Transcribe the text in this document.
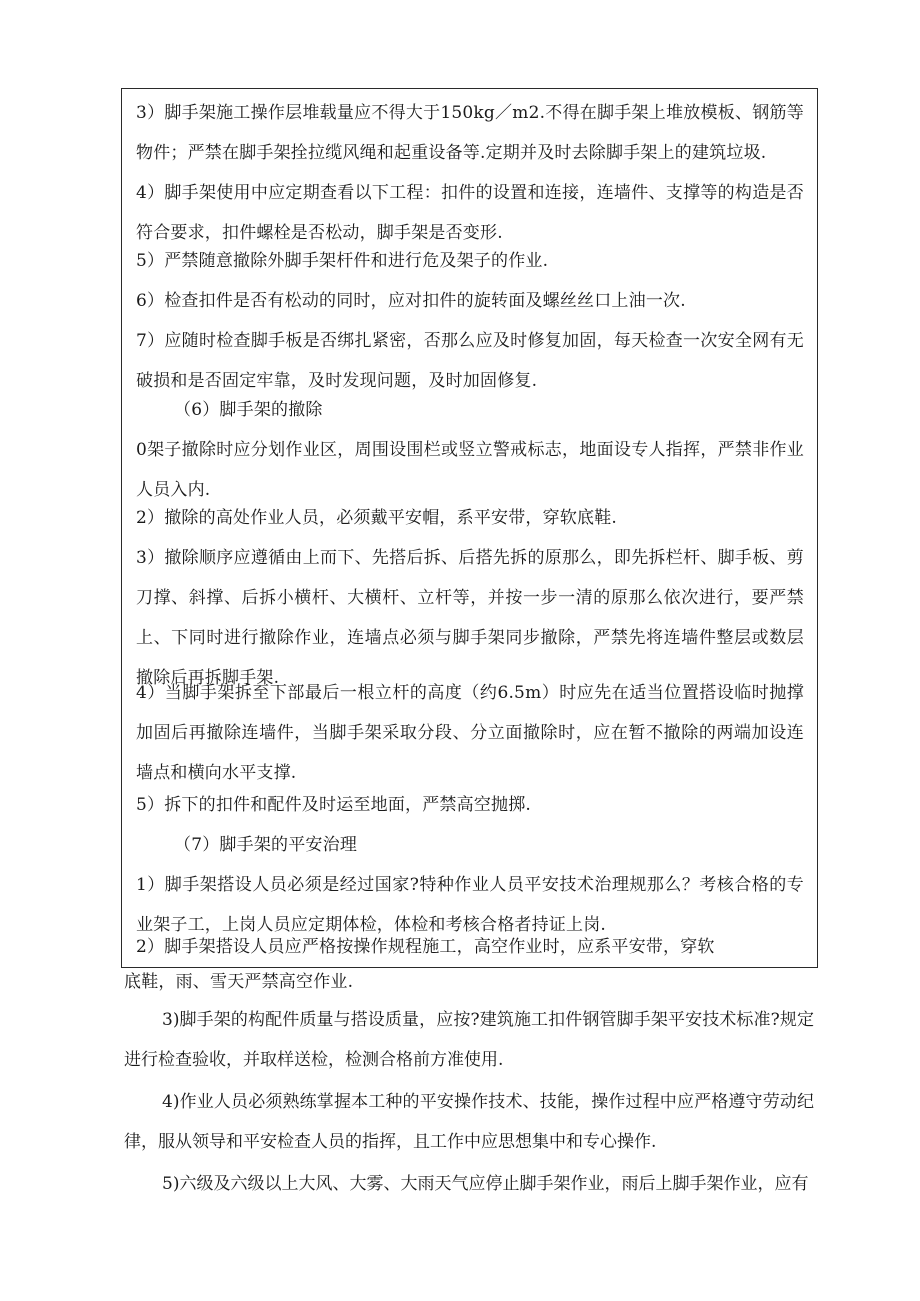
3）脚手架施工操作层堆载量应不得大于150kg／m2.不得在脚手架上堆放模板、钢筋等物件；严禁在脚手架拴拉缆风绳和起重设备等.定期并及时去除脚手架上的建筑垃圾.

4）脚手架使用中应定期查看以下工程：扣件的设置和连接，连墙件、支撑等的构造是否符合要求，扣件螺栓是否松动，脚手架是否变形.

5）严禁随意撤除外脚手架杆件和进行危及架子的作业.

6）检查扣件是否有松动的同时，应对扣件的旋转面及螺丝丝口上油一次.

7）应随时检查脚手板是否绑扎紧密，否那么应及时修复加固，每天检查一次安全网有无破损和是否固定牢靠，及时发现问题，及时加固修复.

（6）脚手架的撤除

0架子撤除时应分划作业区，周围设围栏或竖立警戒标志，地面设专人指挥，严禁非作业人员入内.

2）撤除的高处作业人员，必须戴平安帽，系平安带，穿软底鞋.

3）撤除顺序应遵循由上而下、先搭后拆、后搭先拆的原那么，即先拆栏杆、脚手板、剪刀撑、斜撑、后拆小横杆、大横杆、立杆等，并按一步一清的原那么依次进行，要严禁上、下同时进行撤除作业，连墙点必须与脚手架同步撤除，严禁先将连墙件整层或数层撤除后再拆脚手架.

4）当脚手架拆至下部最后一根立杆的高度（约6.5m）时应先在适当位置搭设临时抛撑加固后再撤除连墙件，当脚手架采取分段、分立面撤除时，应在暂不撤除的两端加设连墙点和横向水平支撑.

5）拆下的扣件和配件及时运至地面，严禁高空抛掷.

（7）脚手架的平安治理

1）脚手架搭设人员必须是经过国家?特种作业人员平安技术治理规那么？考核合格的专业架子工，上岗人员应定期体检，体检和考核合格者持证上岗.

2）脚手架搭设人员应严格按操作规程施工，高空作业时，应系平安带，穿软

底鞋，雨、雪天严禁高空作业.

3)脚手架的构配件质量与搭设质量，应按?建筑施工扣件钢管脚手架平安技术标准?规定进行检查验收，并取样送检，检测合格前方准使用.

4)作业人员必须熟练掌握本工种的平安操作技术、技能，操作过程中应严格遵守劳动纪律，服从领导和平安检查人员的指挥，且工作中应思想集中和专心操作.

5)六级及六级以上大风、大雾、大雨天气应停止脚手架作业，雨后上脚手架作业，应有
